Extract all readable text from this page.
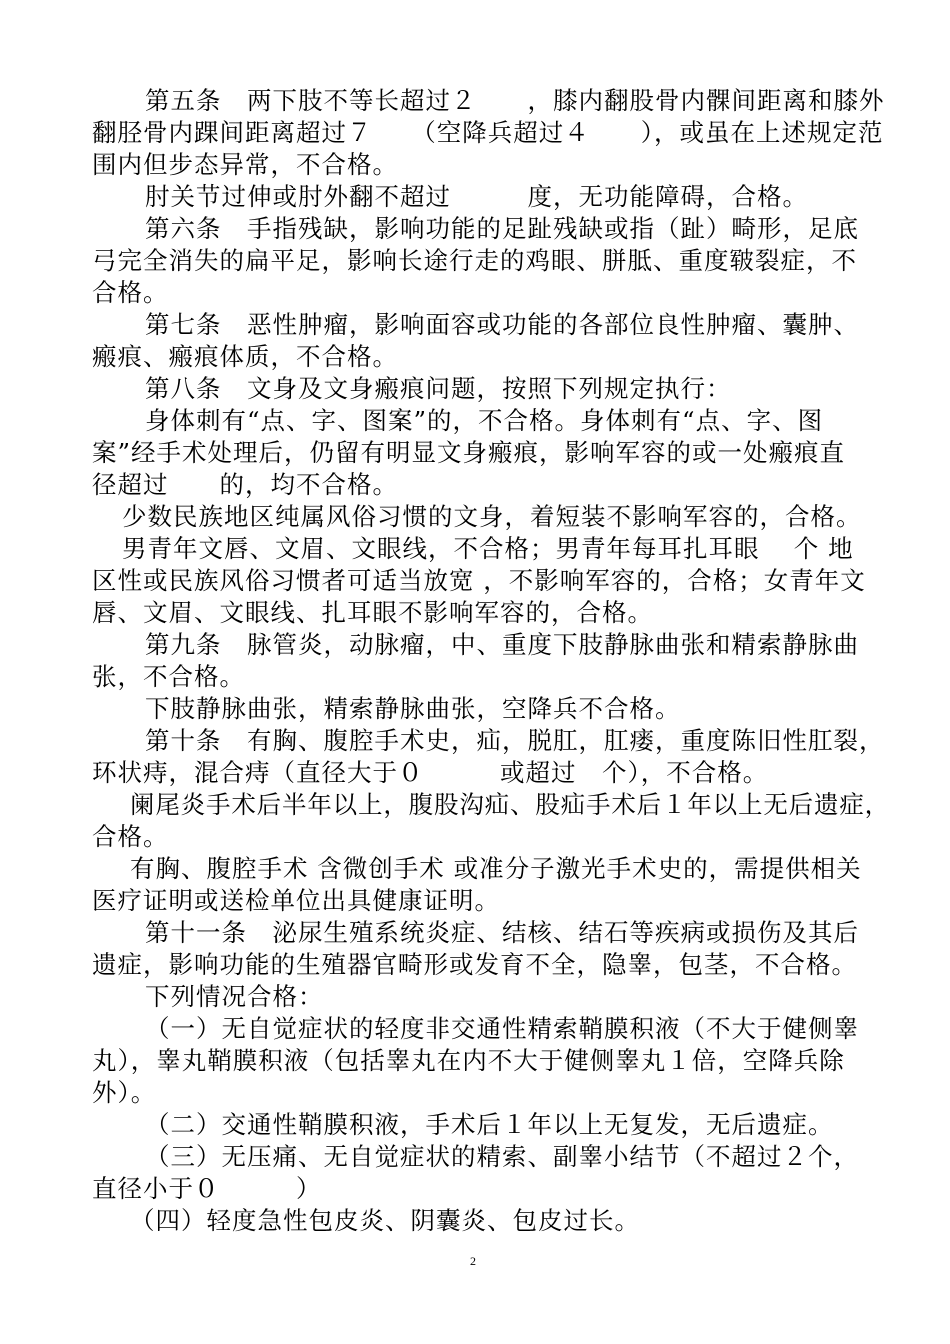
第五条　两下肢不等长超过２　　，膝内翻股骨内髁间距离和膝外
翻胫骨内踝间距离超过７　　（空降兵超过４　　），或虽在上述规定范
围内但步态异常，不合格。
肘关节过伸或肘外翻不超过　　　度，无功能障碍，合格。
第六条　手指残缺，影响功能的足趾残缺或指（趾）畸形，足底
弓完全消失的扁平足，影响长途行走的鸡眼、胼胝、重度皲裂症，不
合格。
第七条　恶性肿瘤，影响面容或功能的各部位良性肿瘤、囊肿、
瘢痕、瘢痕体质，不合格。
第八条　文身及文身瘢痕问题，按照下列规定执行：
身体刺有“点、字、图案”的，不合格。身体刺有“点、字、图
案”经手术处理后，仍留有明显文身瘢痕，影响军容的或一处瘢痕直
径超过　　的，均不合格。
少数民族地区纯属风俗习惯的文身，着短装不影响军容的，合格。
男青年文唇、文眉、文眼线，不合格；男青年每耳扎耳眼　 个 地
区性或民族风俗习惯者可适当放宽 ，不影响军容的，合格；女青年文
唇、文眉、文眼线、扎耳眼不影响军容的，合格。
第九条　脉管炎，动脉瘤，中、重度下肢静脉曲张和精索静脉曲
张，不合格。
下肢静脉曲张，精索静脉曲张，空降兵不合格。
第十条　有胸、腹腔手术史，疝，脱肛，肛瘘，重度陈旧性肛裂，
环状痔，混合痔（直径大于０　　　或超过　个），不合格。
阑尾炎手术后半年以上，腹股沟疝、股疝手术后１年以上无后遗症，
合格。
有胸、腹腔手术 含微创手术 或准分子激光手术史的，需提供相关
医疗证明或送检单位出具健康证明。
第十一条　泌尿生殖系统炎症、结核、结石等疾病或损伤及其后
遗症，影响功能的生殖器官畸形或发育不全，隐睾，包茎，不合格。
下列情况合格：
（一）无自觉症状的轻度非交通性精索鞘膜积液（不大于健侧睾
丸），睾丸鞘膜积液（包括睾丸在内不大于健侧睾丸１倍，空降兵除
外）。
（二）交通性鞘膜积液，手术后１年以上无复发，无后遗症。
（三）无压痛、无自觉症状的精索、副睾小结节（不超过２个，
直径小于０　　　）
（四）轻度急性包皮炎、阴囊炎、包皮过长。
2
